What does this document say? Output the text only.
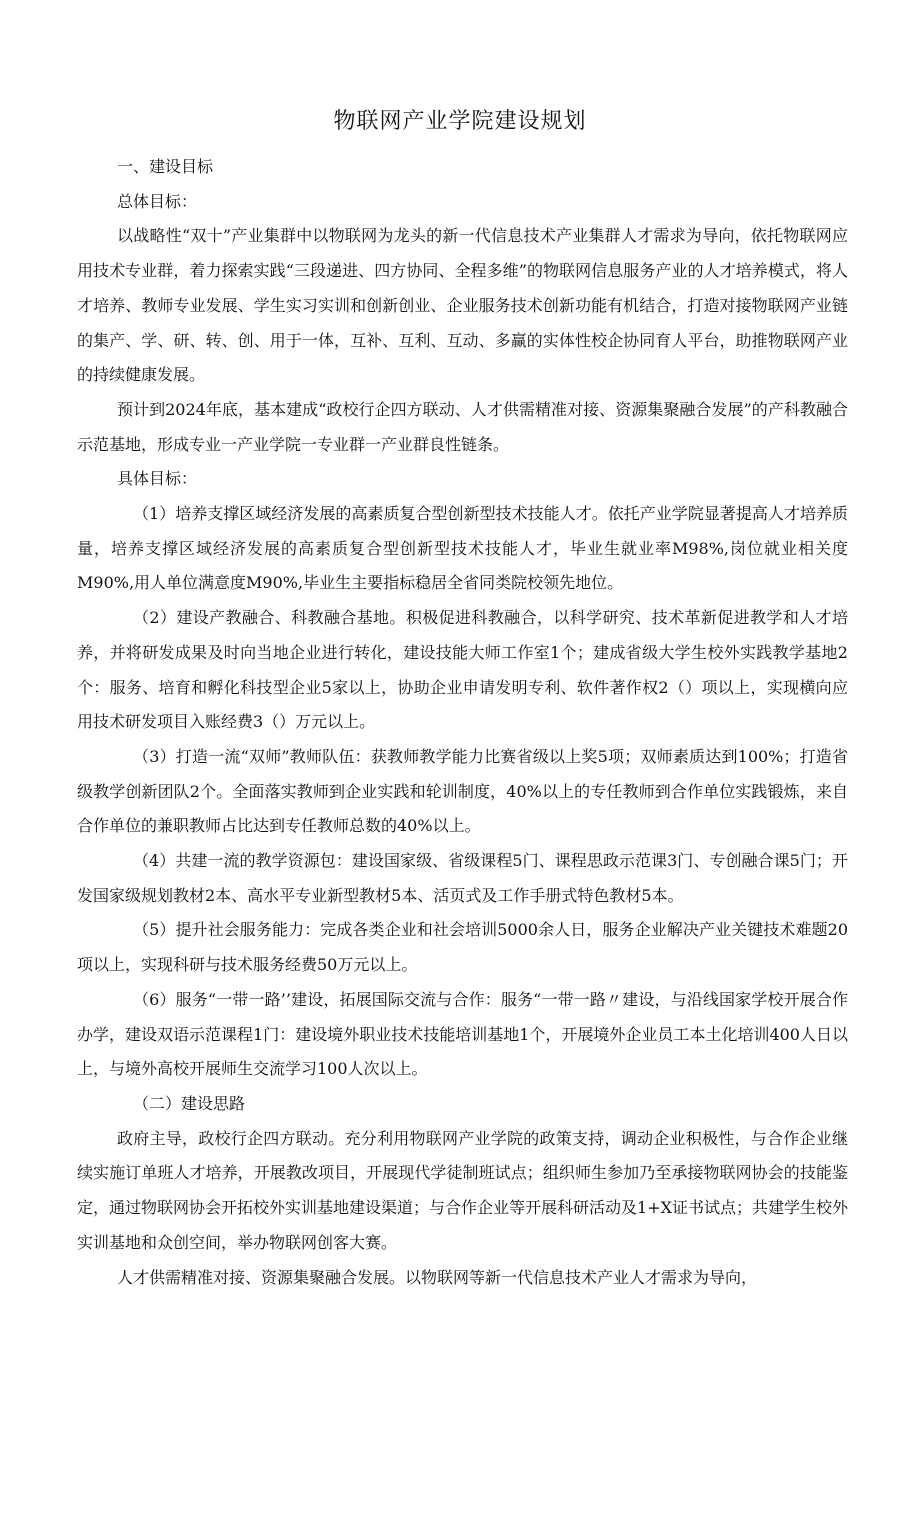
物联网产业学院建设规划

一、建设目标

总体目标：

以战略性“双十”产业集群中以物联网为龙头的新一代信息技术产业集群人才需求为导向，依托物联网应用技术专业群，着力探索实践“三段递进、四方协同、全程多维”的物联网信息服务产业的人才培养模式，将人才培养、教师专业发展、学生实习实训和创新创业、企业服务技术创新功能有机结合，打造对接物联网产业链的集产、学、研、转、创、用于一体，互补、互利、互动、多赢的实体性校企协同育人平台，助推物联网产业的持续健康发展。

预计到2024年底，基本建成“政校行企四方联动、人才供需精准对接、资源集聚融合发展”的产科教融合示范基地，形成专业一产业学院一专业群一产业群良性链条。

具体目标：

（1）培养支撑区域经济发展的高素质复合型创新型技术技能人才。依托产业学院显著提高人才培养质量，培养支撑区域经济发展的高素质复合型创新型技术技能人才，毕业生就业率M98%,岗位就业相关度M90%,用人单位满意度M90%,毕业生主要指标稳居全省同类院校领先地位。

（2）建设产教融合、科教融合基地。积极促进科教融合，以科学研究、技术革新促进教学和人才培养，并将研发成果及时向当地企业进行转化，建设技能大师工作室1个；建成省级大学生校外实践教学基地2个：服务、培育和孵化科技型企业5家以上，协助企业申请发明专利、软件著作权2（）项以上，实现横向应用技术研发项目入账经费3（）万元以上。

（3）打造一流“双师”教师队伍：获教师教学能力比赛省级以上奖5项；双师素质达到100%；打造省级教学创新团队2个。全面落实教师到企业实践和轮训制度，40%以上的专任教师到合作单位实践锻炼，来自合作单位的兼职教师占比达到专任教师总数的40%以上。

（4）共建一流的教学资源包：建设国家级、省级课程5门、课程思政示范课3门、专创融合课5门；开发国家级规划教材2本、高水平专业新型教材5本、活页式及工作手册式特色教材5本。

（5）提升社会服务能力：完成各类企业和社会培训5000余人日，服务企业解决产业关键技术难题20项以上，实现科研与技术服务经费50万元以上。

（6）服务“一带一路’’建设，拓展国际交流与合作：服务“一带一路〃建设，与沿线国家学校开展合作办学，建设双语示范课程1门：建设境外职业技术技能培训基地1个，开展境外企业员工本土化培训400人日以上，与境外高校开展师生交流学习100人次以上。

（二）建设思路

政府主导，政校行企四方联动。充分利用物联网产业学院的政策支持，调动企业积极性，与合作企业继续实施订单班人才培养，开展教改项目，开展现代学徒制班试点；组织师生参加乃至承接物联网协会的技能鉴定，通过物联网协会开拓校外实训基地建设渠道；与合作企业等开展科研活动及1+X证书试点；共建学生校外实训基地和众创空间，举办物联网创客大赛。

人才供需精准对接、资源集聚融合发展。以物联网等新一代信息技术产业人才需求为导向，
